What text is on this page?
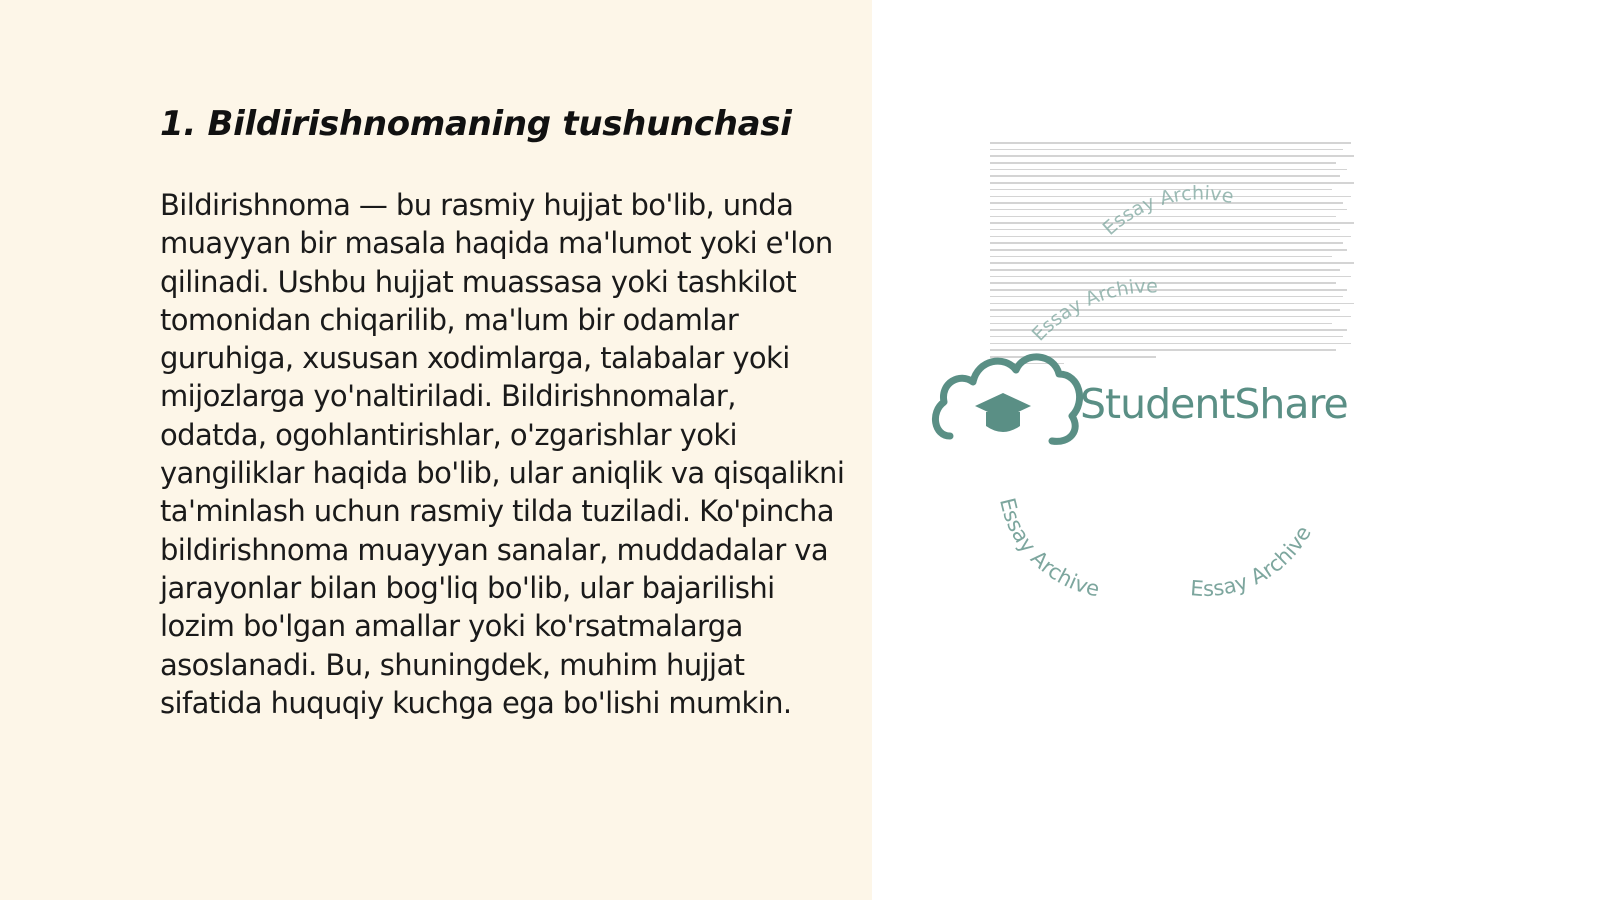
1. Bildirishnomaning tushunchasi

Bildirishnoma — bu rasmiy hujjat bo'lib, unda muayyan bir masala haqida ma'lumot yoki e'lon qilinadi. Ushbu hujjat muassasa yoki tashkilot tomonidan chiqarilib, ma'lum bir odamlar guruhiga, xususan xodimlarga, talabalar yoki mijozlarga yo'naltiriladi. Bildirishnomalar, odatda, ogohlantirishlar, o'zgarishlar yoki yangiliklar haqida bo'lib, ular aniqlik va qisqalikni ta'minlash uchun rasmiy tilda tuziladi. Ko'pincha bildirishnoma muayyan sanalar, muddadalar va jarayonlar bilan bog'liq bo'lib, ular bajarilishi lozim bo'lgan amallar yoki ko'rsatmalarga asoslanadi. Bu, shuningdek, muhim hujjat sifatida huquqiy kuchga ega bo'lishi mumkin.

StudentShare
Essay Archive
Essay Archive
Essay Archive	Essay Archive
